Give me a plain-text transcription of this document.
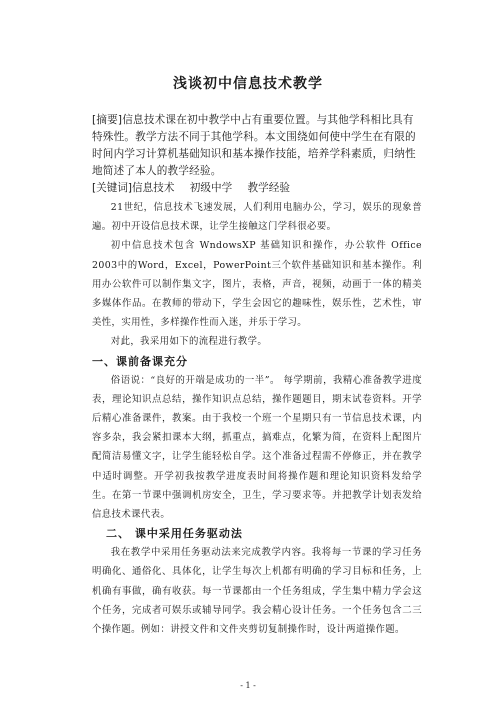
浅谈初中信息技术教学

[摘要]信息技术课在初中教学中占有重要位置。与其他学科相比具有特殊性。教学方法不同于其他学科。本文围绕如何使中学生在有限的时间内学习计算机基础知识和基本操作技能，培养学科素质，归纳性地简述了本人的教学经验。

[关键词]信息技术 初级中学 教学经验

21世纪，信息技术飞速发展，人们利用电脑办公，学习，娱乐的现象普遍。初中开设信息技术课，让学生接触这门学科很必要。

初中信息技术包含 WndowsXP 基础知识和操作，办公软件 Office 2003中的Word，Excel，PowerPoint三个软件基础知识和基本操作。利用办公软件可以制作集文字，图片，表格，声音，视频，动画于一体的精美多媒体作品。在教师的带动下，学生会因它的趣味性，娱乐性，艺术性，审美性，实用性，多样操作性而入迷，并乐于学习。

对此，我采用如下的流程进行教学。

一、课前备课充分

俗语说：“良好的开端是成功的一半”。 每学期前，我精心准备教学进度表，理论知识点总结，操作知识点总结，操作题题目，期末试卷资料。开学后精心准备课件，教案。由于我校一个班一个星期只有一节信息技术课，内容多杂，我会紧扣课本大纲，抓重点，搞难点，化繁为简，在资料上配图片配简洁易懂文字，让学生能轻松自学。这个准备过程需不停修正，并在教学中适时调整。开学初我按教学进度表时间将操作题和理论知识资料发给学生。在第一节课中强调机房安全，卫生，学习要求等。并把教学计划表发给信息技术课代表。

二、 课中采用任务驱动法

我在教学中采用任务驱动法来完成教学内容。我将每一节课的学习任务明确化、通俗化、具体化，让学生每次上机都有明确的学习目标和任务，上机确有事做，确有收获。每一节课都由一个任务组成，学生集中精力学会这个任务，完成者可娱乐或辅导同学。我会精心设计任务。一个任务包含二三个操作题。例如：讲授文件和文件夹剪切复制操作时，设计两道操作题。

- 1 -
